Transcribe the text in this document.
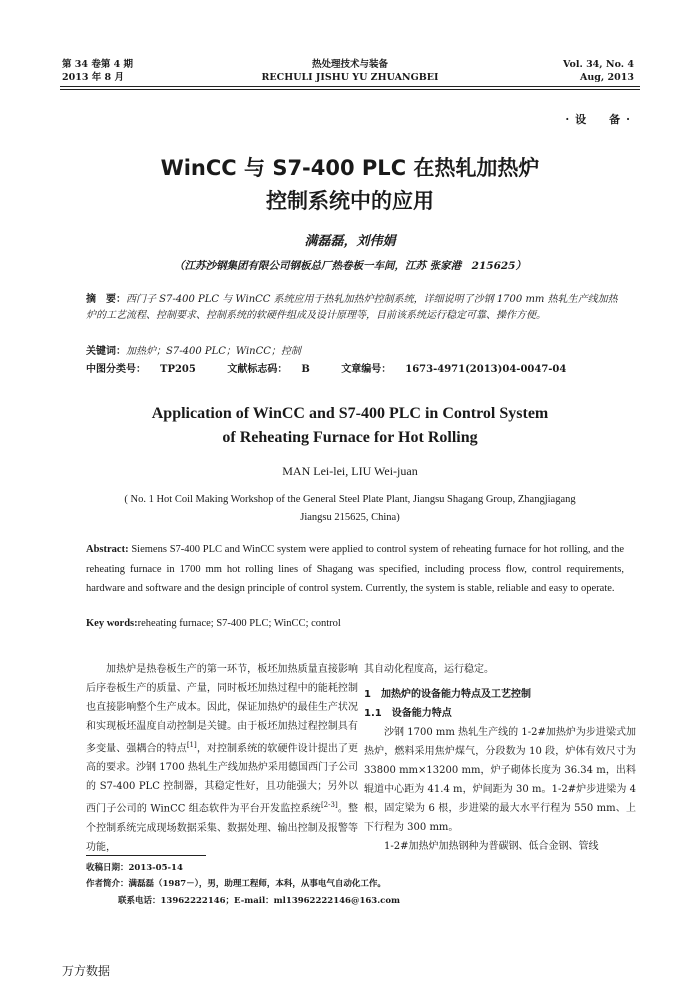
第 34 卷第 4 期
2013 年 8 月
热处理技术与装备
RECHULI JISHU YU ZHUANGBEI
Vol. 34, No. 4
Aug, 2013
·设　备·
WinCC 与 S7-400 PLC 在热轧加热炉
控制系统中的应用
满磊磊，刘伟娟
（江苏沙钢集团有限公司钢板总厂热卷板一车间，江苏 张家港　215625）
摘　要：西门子 S7-400 PLC 与 WinCC 系统应用于热轧加热炉控制系统，详细说明了沙钢 1700 mm 热轧生产线加热炉的工艺流程、控制要求、控制系统的软硬件组成及设计原理等，目前该系统运行稳定可靠、操作方便。
关键词：加热炉；S7-400 PLC；WinCC；控制
中图分类号： TP205	文献标志码： B	文章编号： 1673-4971(2013)04-0047-04
Application of WinCC and S7-400 PLC in Control System
of Reheating Furnace for Hot Rolling
MAN Lei-lei, LIU Wei-juan
( No. 1 Hot Coil Making Workshop of the General Steel Plate Plant, Jiangsu Shagang Group, Zhangjiagang Jiangsu 215625, China)
Abstract: Siemens S7-400 PLC and WinCC system were applied to control system of reheating furnace for hot rolling, and the reheating furnace in 1700 mm hot rolling lines of Shagang was specified, including process flow, control requirements, hardware and software and the design principle of control system. Currently, the system is stable, reliable and easy to operate.
Key words:reheating furnace; S7-400 PLC; WinCC; control
加热炉是热卷板生产的第一环节，板坯加热质量直接影响后序卷板生产的质量、产量，同时板坯加热过程中的能耗控制也直接影响整个生产成本。因此，保证加热炉的最佳生产状况和实现板坯温度自动控制是关键。由于板坯加热过程控制具有多变量、强耦合的特点[1]，对控制系统的软硬件设计提出了更高的要求。沙钢 1700 热轧生产线加热炉采用德国西门子公司的 S7-400 PLC 控制器，其稳定性好，且功能强大；另外以西门子公司的 WinCC 组态软件为平台开发监控系统[2-3]。整个控制系统完成现场数据采集、数据处理、输出控制及报警等功能，
其自动化程度高，运行稳定。
1　加热炉的设备能力特点及工艺控制
1.1　设备能力特点
沙钢 1700 mm 热轧生产线的 1-2#加热炉为步进梁式加热炉，燃料采用焦炉煤气，分段数为 10 段，炉体有效尺寸为 33800 mm×13200 mm，炉子砌体长度为 36.34 m，出料辊道中心距为 41.4 m，炉间距为 30 m。1-2#炉步进梁为 4 根，固定梁为 6 根，步进梁的最大水平行程为 550 mm、上下行程为 300 mm。
1-2#加热炉加热钢种为普碳钢、低合金钢、管线
收稿日期：2013-05-14
作者简介：满磊磊（1987－），男，助理工程师，本科，从事电气自动化工作。
联系电话：13962222146；E-mail：ml13962222146@163.com
万方数据
